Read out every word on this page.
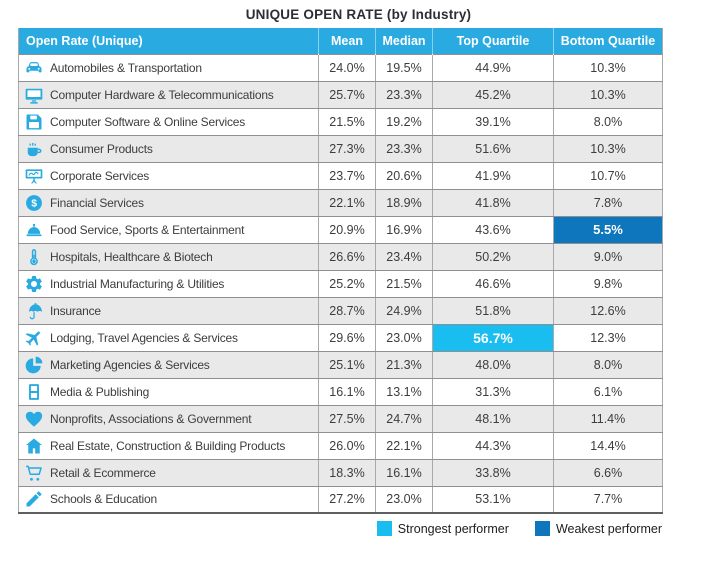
UNIQUE OPEN RATE (by Industry)
Open Rate (Unique)	Mean	Median	Top Quartile	Bottom Quartile

Automobiles & Transportation	24.0%	19.5%	44.9%	10.3%

Computer Hardware & Telecommunications	25.7%	23.3%	45.2%	10.3%

Computer Software & Online Services	21.5%	19.2%	39.1%	8.0%

Consumer Products	27.3%	23.3%	51.6%	10.3%

Corporate Services	23.7%	20.6%	41.9%	10.7%

Financial Services	22.1%	18.9%	41.8%	7.8%

Food Service, Sports & Entertainment	20.9%	16.9%	43.6%	5.5%

Hospitals, Healthcare & Biotech	26.6%	23.4%	50.2%	9.0%

Industrial Manufacturing & Utilities	25.2%	21.5%	46.6%	9.8%

Insurance	28.7%	24.9%	51.8%	12.6%

Lodging, Travel Agencies & Services	29.6%	23.0%	56.7%	12.3%

Marketing Agencies & Services	25.1%	21.3%	48.0%	8.0%

Media & Publishing	16.1%	13.1%	31.3%	6.1%

Nonprofits, Associations & Government	27.5%	24.7%	48.1%	11.4%

Real Estate, Construction & Building Products	26.0%	22.1%	44.3%	14.4%

Retail & Ecommerce	18.3%	16.1%	33.8%	6.6%

Schools & Education	27.2%	23.0%	53.1%	7.7%
Strongest performer	Weakest performer
